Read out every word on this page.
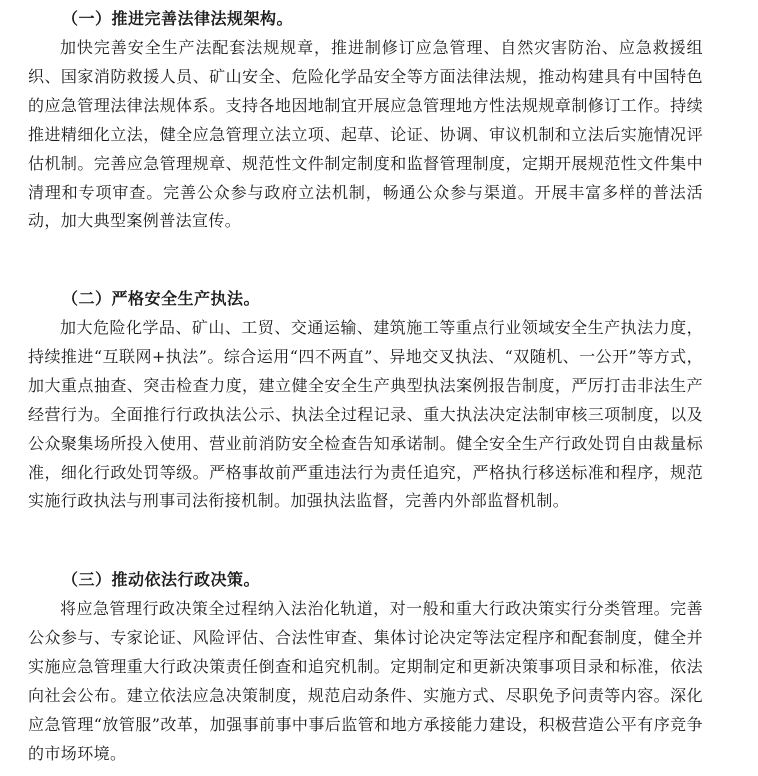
（一）推进完善法律法规架构。

加快完善安全生产法配套法规规章，推进制修订应急管理、自然灾害防治、应急救援组织、国家消防救援人员、矿山安全、危险化学品安全等方面法律法规，推动构建具有中国特色的应急管理法律法规体系。支持各地因地制宜开展应急管理地方性法规规章制修订工作。持续推进精细化立法，健全应急管理立法立项、起草、论证、协调、审议机制和立法后实施情况评估机制。完善应急管理规章、规范性文件制定制度和监督管理制度，定期开展规范性文件集中清理和专项审查。完善公众参与政府立法机制，畅通公众参与渠道。开展丰富多样的普法活动，加大典型案例普法宣传。

（二）严格安全生产执法。

加大危险化学品、矿山、工贸、交通运输、建筑施工等重点行业领域安全生产执法力度，持续推进“互联网+执法”。综合运用“四不两直”、异地交叉执法、“双随机、一公开”等方式，加大重点抽查、突击检查力度，建立健全安全生产典型执法案例报告制度，严厉打击非法生产经营行为。全面推行行政执法公示、执法全过程记录、重大执法决定法制审核三项制度，以及公众聚集场所投入使用、营业前消防安全检查告知承诺制。健全安全生产行政处罚自由裁量标准，细化行政处罚等级。严格事故前严重违法行为责任追究，严格执行移送标准和程序，规范实施行政执法与刑事司法衔接机制。加强执法监督，完善内外部监督机制。

（三）推动依法行政决策。

将应急管理行政决策全过程纳入法治化轨道，对一般和重大行政决策实行分类管理。完善公众参与、专家论证、风险评估、合法性审查、集体讨论决定等法定程序和配套制度，健全并实施应急管理重大行政决策责任倒查和追究机制。定期制定和更新决策事项目录和标准，依法向社会公布。建立依法应急决策制度，规范启动条件、实施方式、尽职免予问责等内容。深化应急管理“放管服”改革，加强事前事中事后监管和地方承接能力建设，积极营造公平有序竞争的市场环境。
